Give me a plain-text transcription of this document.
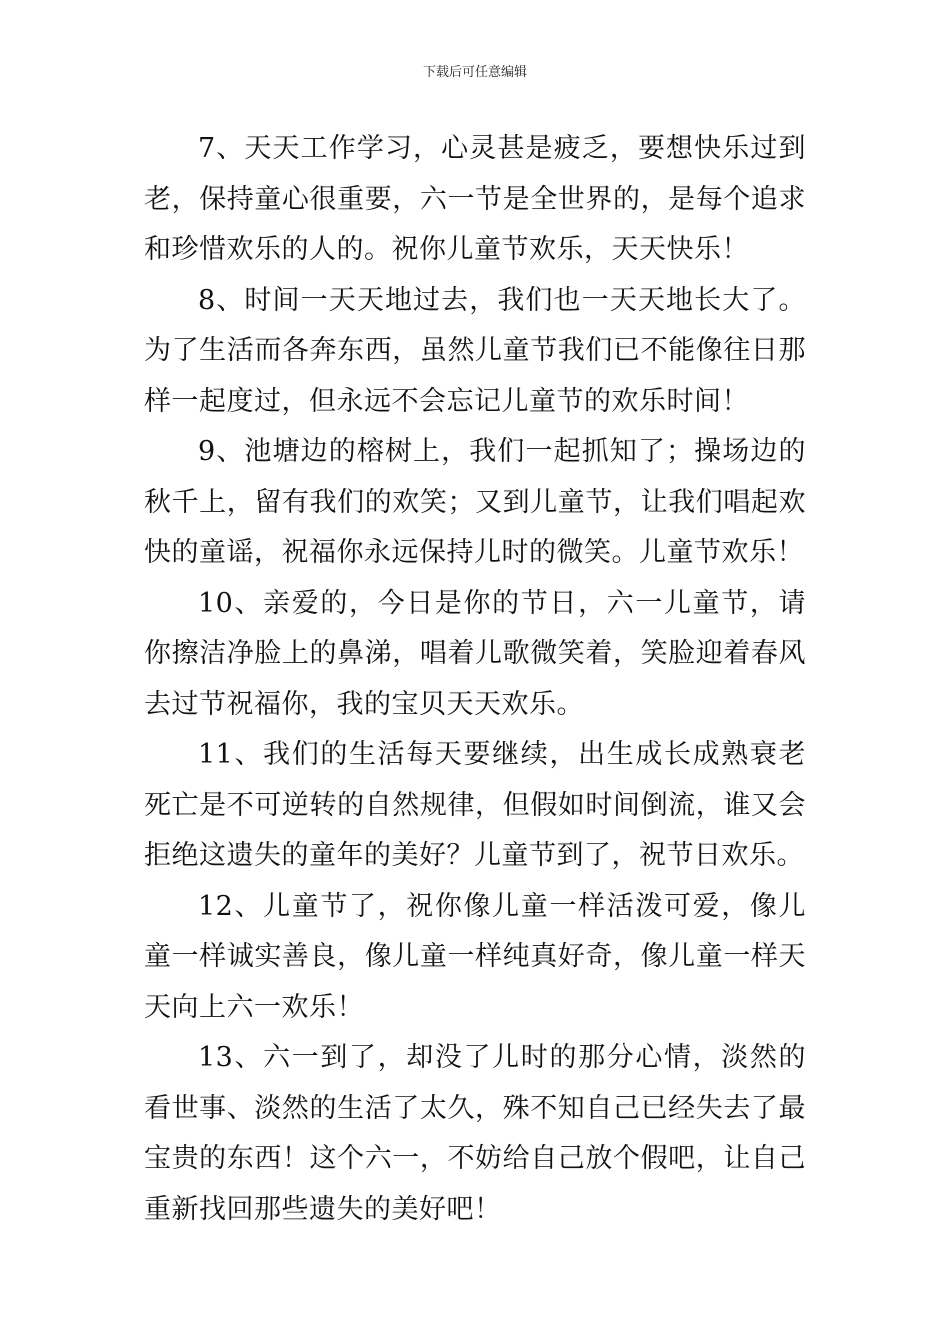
下载后可任意编辑

7、天天工作学习，心灵甚是疲乏，要想快乐过到老，保持童心很重要，六一节是全世界的，是每个追求和珍惜欢乐的人的。祝你儿童节欢乐，天天快乐！

8、时间一天天地过去，我们也一天天地长大了。为了生活而各奔东西，虽然儿童节我们已不能像往日那样一起度过，但永远不会忘记儿童节的欢乐时间！

9、池塘边的榕树上，我们一起抓知了；操场边的秋千上，留有我们的欢笑；又到儿童节，让我们唱起欢快的童谣，祝福你永远保持儿时的微笑。儿童节欢乐！

10、亲爱的，今日是你的节日，六一儿童节，请你擦洁净脸上的鼻涕，唱着儿歌微笑着，笑脸迎着春风去过节祝福你，我的宝贝天天欢乐。

11、我们的生活每天要继续，出生成长成熟衰老死亡是不可逆转的自然规律，但假如时间倒流，谁又会拒绝这遗失的童年的美好？儿童节到了，祝节日欢乐。

12、儿童节了，祝你像儿童一样活泼可爱，像儿童一样诚实善良，像儿童一样纯真好奇，像儿童一样天天向上六一欢乐！

13、六一到了，却没了儿时的那分心情，淡然的看世事、淡然的生活了太久，殊不知自己已经失去了最宝贵的东西！这个六一，不妨给自己放个假吧，让自己重新找回那些遗失的美好吧！
